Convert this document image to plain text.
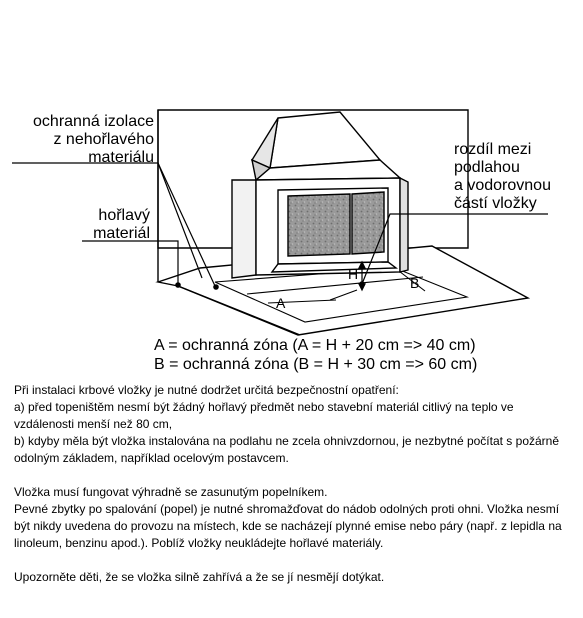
ochranná izolace
z nehořlavého
materiálu
hořlavý
materiál
rozdíl mezi
podlahou
a vodorovnou
částí vložky
A
B
H
A = ochranná zóna (A = H + 20 cm => 40 cm)
B = ochranná zóna (B = H + 30 cm => 60 cm)

Při instalaci krbové vložky je nutné dodržet určitá bezpečnostní opatření:

a) před topeništěm nesmí být žádný hořlavý předmět nebo stavební materiál citlivý na teplo ve vzdálenosti menší než 80 cm,

b) kdyby měla být vložka instalována na podlahu ne zcela ohnivzdornou, je nezbytné počítat s požárně odolným základem, například ocelovým postavcem.

Vložka musí fungovat výhradně se zasunutým popelníkem.

Pevné zbytky po spalování (popel) je nutné shromažďovat do nádob odolných proti ohni. Vložka nesmí být nikdy uvedena do provozu na místech, kde se nacházejí plynné emise nebo páry (např. z lepidla na linoleum, benzinu apod.). Poblíž vložky neukládejte hořlavé materiály.

Upozorněte děti, že se vložka silně zahřívá a že se jí nesmějí dotýkat.
